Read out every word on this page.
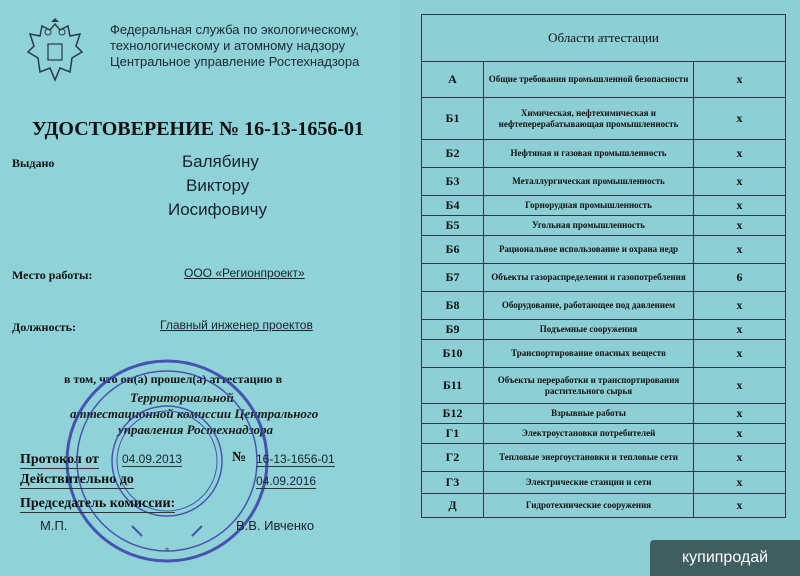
Федеральная служба по экологическому,
технологическому и атомному надзору
Центральное управление Ростехнадзора
УДОСТОВЕРЕНИЕ № 16-13-1656-01
Выдано	Балябину
Виктору
Иосифовичу
Место работы:	ООО «Регионпроект»
Должность:	Главный инженер проектов
в том, что он(а) прошел(а) аттестацию в
Территориальной
аттестационной комиссии Центрального
управления Ростехнадзора
*
Протокол от 04.09.2013	№ 16-13-1656-01
Действительно до	04.09.2016
Председатель комиссии:
М.П.	В.В. Ивченко
Области аттестации		
А	Общие требования промышленной безопасности	x
Б1	Химическая, нефтехимическая и нефтеперерабатывающая промышленность	x
Б2	Нефтяная и газовая промышленность	x
Б3	Металлургическая промышленность	x
Б4	Горнорудная промышленность	x
Б5	Угольная промышленность	x
Б6	Рациональное использование и охрана недр	x
Б7	Объекты газораспределения и газопотребления	6
Б8	Оборудование, работающее под давлением	x
Б9	Подъемные сооружения	x
Б10	Транспортирование опасных веществ	x
Б11	Объекты переработки и транспортирования растительного сырья	x
Б12	Взрывные работы	x
Г1	Электроустановки потребителей	x
Г2	Тепловые энергоустановки и тепловые сети	x
Г3	Электрические станции и сети	x
Д	Гидротехнические сооружения	x
купипродай
